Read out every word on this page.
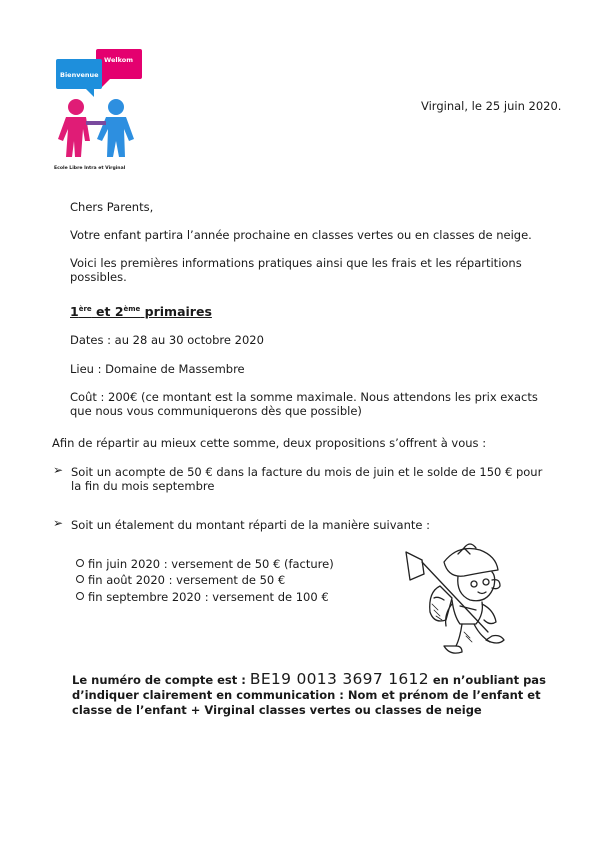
Welkom
Bienvenue
Ecole Libre Intra et Virginal
Virginal, le 25 juin 2020.
Chers Parents,
Votre enfant partira l’année prochaine en classes vertes ou en classes de neige.
Voici les premières informations pratiques ainsi que les frais et les répartitions possibles.
1ère et 2ème primaires
Dates : au 28 au 30 octobre 2020
Lieu : Domaine de Massembre
Coût : 200€ (ce montant est la somme maximale. Nous attendons les prix exacts que nous vous communiquerons dès que possible)
Afin de répartir au mieux cette somme, deux propositions s’offrent à vous :
➢ Soit un acompte de 50 € dans la facture du mois de juin et le solde de 150 € pour la fin du mois septembre
➢ Soit un étalement du montant réparti de la manière suivante :
fin juin 2020 : versement de 50 € (facture)
fin août 2020 : versement de 50 €
fin septembre 2020 : versement de 100 €
Le numéro de compte est : BE19 0013 3697 1612 en n’oubliant pas d’indiquer clairement en communication : Nom et prénom de l’enfant et classe de l’enfant + Virginal classes vertes ou classes de neige
